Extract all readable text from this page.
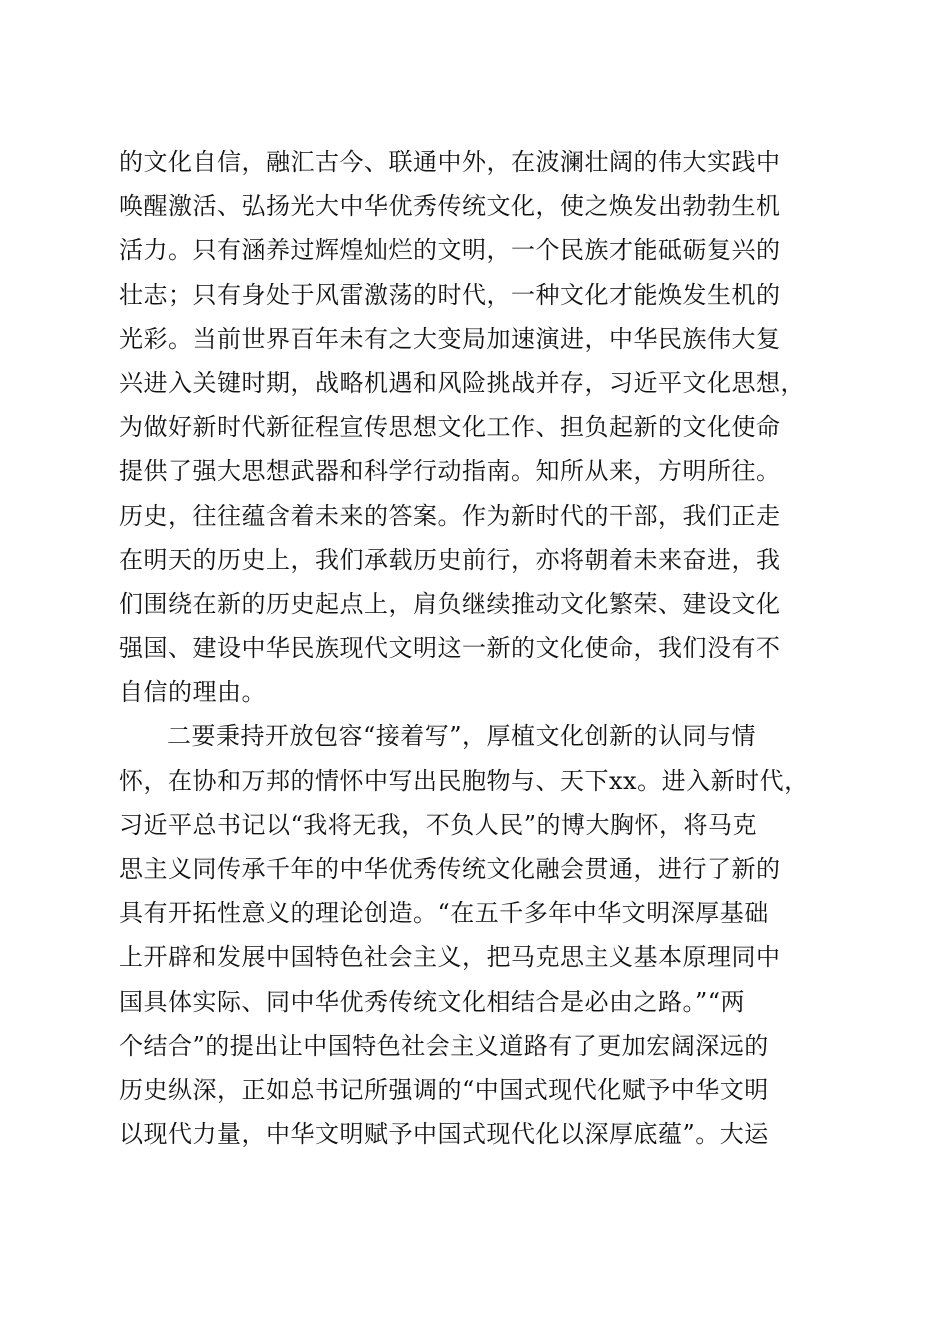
的文化自信，融汇古今、联通中外，在波澜壮阔的伟大实践中
唤醒激活、弘扬光大中华优秀传统文化，使之焕发出勃勃生机
活力。只有涵养过辉煌灿烂的文明，一个民族才能砥砺复兴的
壮志；只有身处于风雷激荡的时代，一种文化才能焕发生机的
光彩。当前世界百年未有之大变局加速演进，中华民族伟大复
兴进入关键时期，战略机遇和风险挑战并存，习近平文化思想，
为做好新时代新征程宣传思想文化工作、担负起新的文化使命
提供了强大思想武器和科学行动指南。知所从来，方明所往。
历史，往往蕴含着未来的答案。作为新时代的干部，我们正走
在明天的历史上，我们承载历史前行，亦将朝着未来奋进，我
们围绕在新的历史起点上，肩负继续推动文化繁荣、建设文化
强国、建设中华民族现代文明这一新的文化使命，我们没有不
自信的理由。
二要秉持开放包容“接着写”，厚植文化创新的认同与情
怀，在协和万邦的情怀中写出民胞物与、天下xx。进入新时代，
习近平总书记以“我将无我，不负人民”的博大胸怀，将马克
思主义同传承千年的中华优秀传统文化融会贯通，进行了新的
具有开拓性意义的理论创造。“在五千多年中华文明深厚基础
上开辟和发展中国特色社会主义，把马克思主义基本原理同中
国具体实际、同中华优秀传统文化相结合是必由之路。”“两
个结合”的提出让中国特色社会主义道路有了更加宏阔深远的
历史纵深，正如总书记所强调的“中国式现代化赋予中华文明
以现代力量，中华文明赋予中国式现代化以深厚底蕴”。大运
